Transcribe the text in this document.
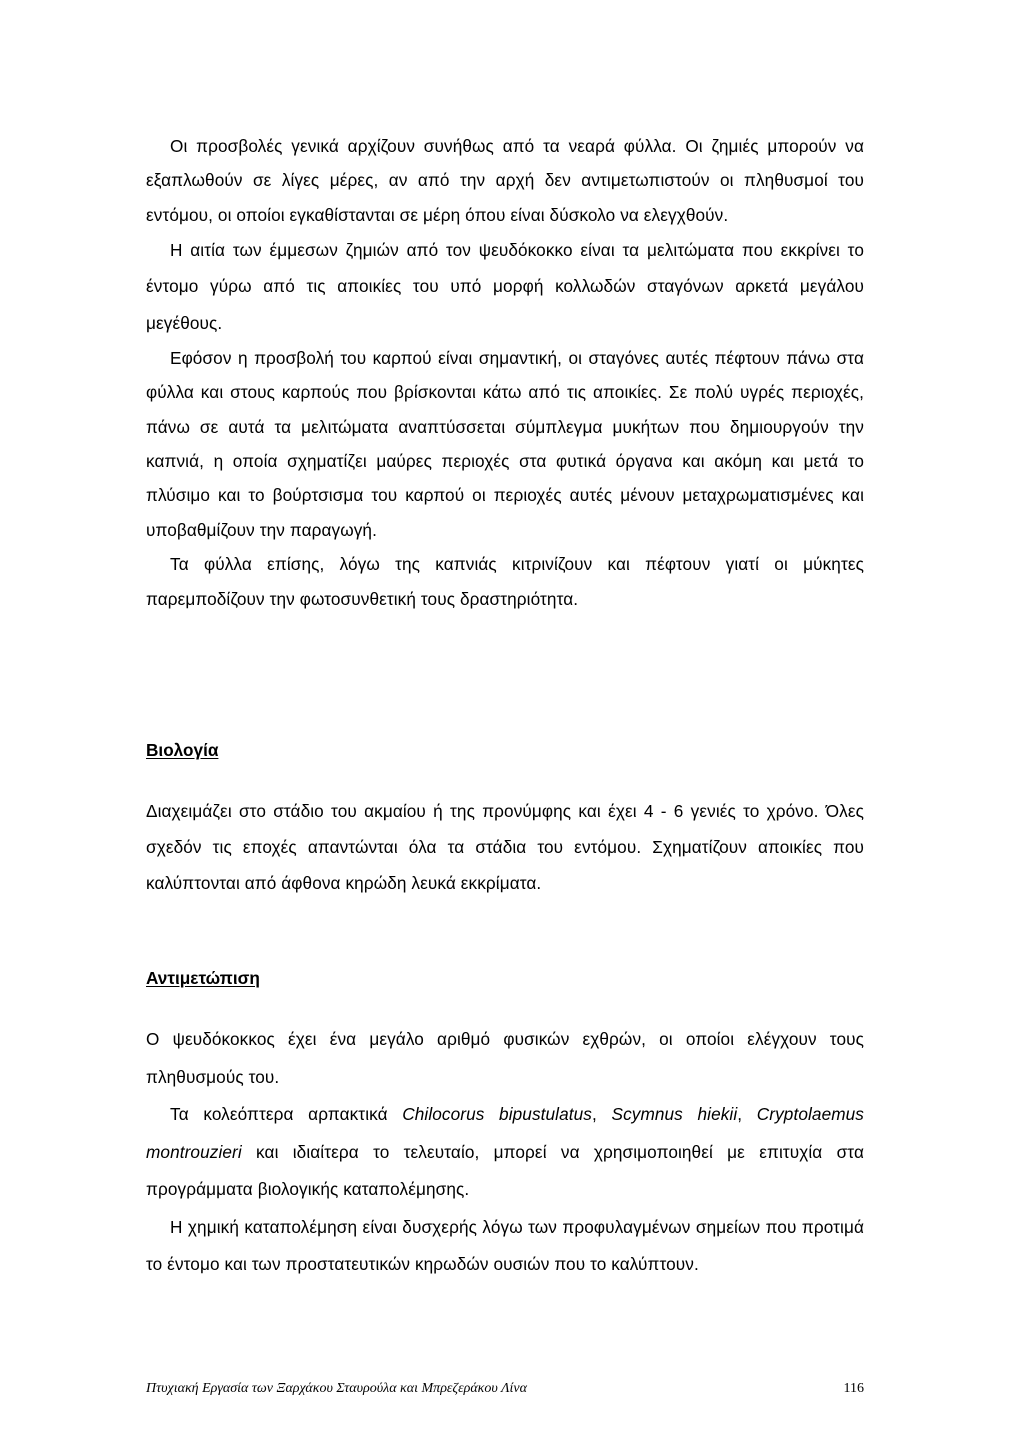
Οι προσβολές γενικά αρχίζουν συνήθως από τα νεαρά φύλλα. Οι ζημιές μπορούν να εξαπλωθούν σε λίγες μέρες, αν από την αρχή δεν αντιμετωπιστούν οι πληθυσμοί του εντόμου, οι οποίοι εγκαθίστανται σε μέρη όπου είναι δύσκολο να ελεγχθούν.

Η αιτία των έμμεσων ζημιών από τον ψευδόκοκκο είναι τα μελιτώματα που εκκρίνει το έντομο γύρω από τις αποικίες του υπό μορφή κολλωδών σταγόνων αρκετά μεγάλου μεγέθους.

Εφόσον η προσβολή του καρπού είναι σημαντική, οι σταγόνες αυτές πέφτουν πάνω στα φύλλα και στους καρπούς που βρίσκονται κάτω από τις αποικίες. Σε πολύ υγρές περιοχές, πάνω σε αυτά τα μελιτώματα αναπτύσσεται σύμπλεγμα μυκήτων που δημιουργούν την καπνιά, η οποία σχηματίζει μαύρες περιοχές στα φυτικά όργανα και ακόμη και μετά το πλύσιμο και το βούρτσισμα του καρπού οι περιοχές αυτές μένουν μεταχρωματισμένες και υποβαθμίζουν την παραγωγή.

Τα φύλλα επίσης, λόγω της καπνιάς κιτρινίζουν και πέφτουν γιατί οι μύκητες παρεμποδίζουν την φωτοσυνθετική τους δραστηριότητα.

Βιολογία

Διαχειμάζει στο στάδιο του ακμαίου ή της προνύμφης και έχει 4 - 6 γενιές το χρόνο. Όλες σχεδόν τις εποχές απαντώνται όλα τα στάδια του εντόμου. Σχηματίζουν αποικίες που καλύπτονται από άφθονα κηρώδη λευκά εκκρίματα.

Αντιμετώπιση

Ο ψευδόκοκκος έχει ένα μεγάλο αριθμό φυσικών εχθρών, οι οποίοι ελέγχουν τους πληθυσμούς του.

Τα κολεόπτερα αρπακτικά Chilocorus bipustulatus, Scymnus hiekii, Cryptolaemus montrouzieri και ιδιαίτερα το τελευταίο, μπορεί να χρησιμοποιηθεί με επιτυχία στα προγράμματα βιολογικής καταπολέμησης.

Η χημική καταπολέμηση είναι δυσχερής λόγω των προφυλαγμένων σημείων που προτιμά το έντομο και των προστατευτικών κηρωδών ουσιών που το καλύπτουν.

Πτυχιακή Εργασία των Ξαρχάκου Σταυρούλα και Μπρεζεράκου Λίνα	116
